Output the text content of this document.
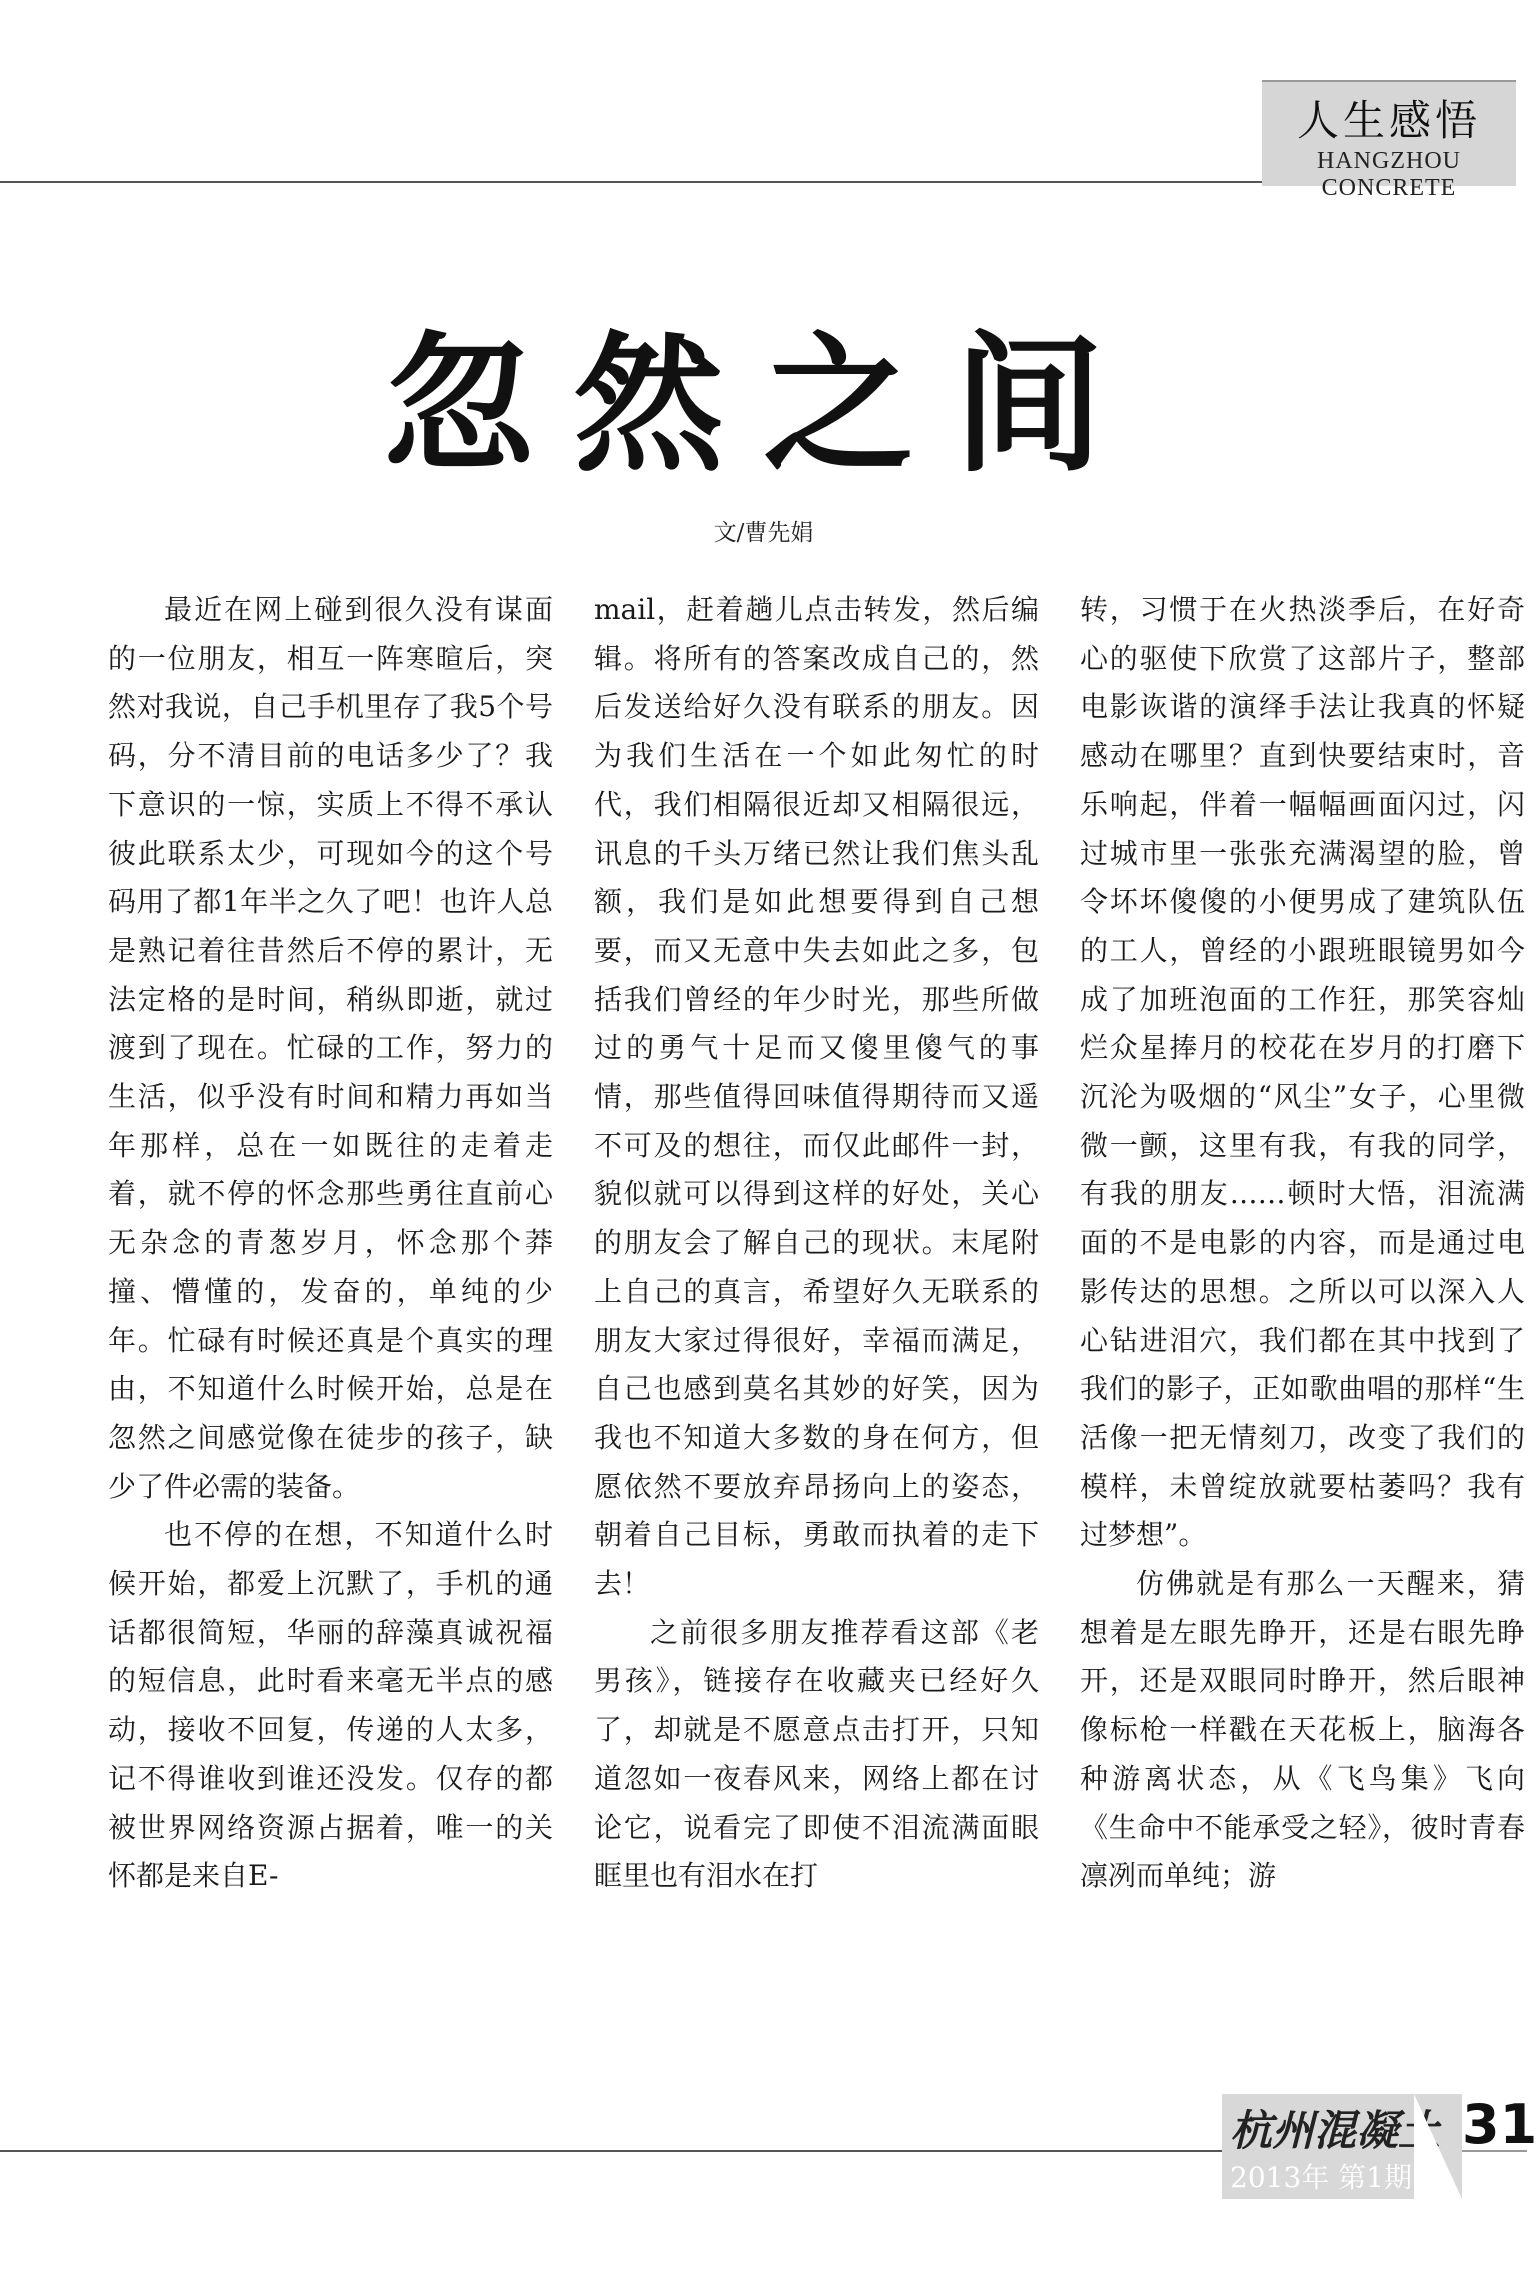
人生感悟
HANGZHOU CONCRETE
忽然之间
文/曹先娟

最近在网上碰到很久没有谋面的一位朋友，相互一阵寒暄后，突然对我说，自己手机里存了我5个号码，分不清目前的电话多少了？我下意识的一惊，实质上不得不承认彼此联系太少，可现如今的这个号码用了都1年半之久了吧！也许人总是熟记着往昔然后不停的累计，无法定格的是时间，稍纵即逝，就过渡到了现在。忙碌的工作，努力的生活，似乎没有时间和精力再如当年那样，总在一如既往的走着走着，就不停的怀念那些勇往直前心无杂念的青葱岁月，怀念那个莽撞、懵懂的，发奋的，单纯的少年。忙碌有时候还真是个真实的理由，不知道什么时候开始，总是在忽然之间感觉像在徒步的孩子，缺少了件必需的装备。

也不停的在想，不知道什么时候开始，都爱上沉默了，手机的通话都很简短，华丽的辞藻真诚祝福的短信息，此时看来毫无半点的感动，接收不回复，传递的人太多，记不得谁收到谁还没发。仅存的都被世界网络资源占据着，唯一的关怀都是来自E-

mail，赶着趟儿点击转发，然后编辑。将所有的答案改成自己的，然后发送给好久没有联系的朋友。因为我们生活在一个如此匆忙的时代，我们相隔很近却又相隔很远，讯息的千头万绪已然让我们焦头乱额，我们是如此想要得到自己想要，而又无意中失去如此之多，包括我们曾经的年少时光，那些所做过的勇气十足而又傻里傻气的事情，那些值得回味值得期待而又遥不可及的想往，而仅此邮件一封，貌似就可以得到这样的好处，关心的朋友会了解自己的现状。末尾附上自己的真言，希望好久无联系的朋友大家过得很好，幸福而满足，自己也感到莫名其妙的好笑，因为我也不知道大多数的身在何方，但愿依然不要放弃昂扬向上的姿态，朝着自己目标，勇敢而执着的走下去！

之前很多朋友推荐看这部《老男孩》，链接存在收藏夹已经好久了，却就是不愿意点击打开，只知道忽如一夜春风来，网络上都在讨论它，说看完了即使不泪流满面眼眶里也有泪水在打

转，习惯于在火热淡季后，在好奇心的驱使下欣赏了这部片子，整部电影诙谐的演绎手法让我真的怀疑感动在哪里？直到快要结束时，音乐响起，伴着一幅幅画面闪过，闪过城市里一张张充满渴望的脸，曾令坏坏傻傻的小便男成了建筑队伍的工人，曾经的小跟班眼镜男如今成了加班泡面的工作狂，那笑容灿烂众星捧月的校花在岁月的打磨下沉沦为吸烟的“风尘”女子，心里微微一颤，这里有我，有我的同学，有我的朋友……顿时大悟，泪流满面的不是电影的内容，而是通过电影传达的思想。之所以可以深入人心钻进泪穴，我们都在其中找到了我们的影子，正如歌曲唱的那样“生活像一把无情刻刀，改变了我们的模样，未曾绽放就要枯萎吗？我有过梦想”。

仿佛就是有那么一天醒来，猜想着是左眼先睁开，还是右眼先睁开，还是双眼同时睁开，然后眼神像标枪一样戳在天花板上，脑海各种游离状态，从《飞鸟集》飞向《生命中不能承受之轻》，彼时青春凛冽而单纯；游

杭州混凝土
2013年 第1期
31
